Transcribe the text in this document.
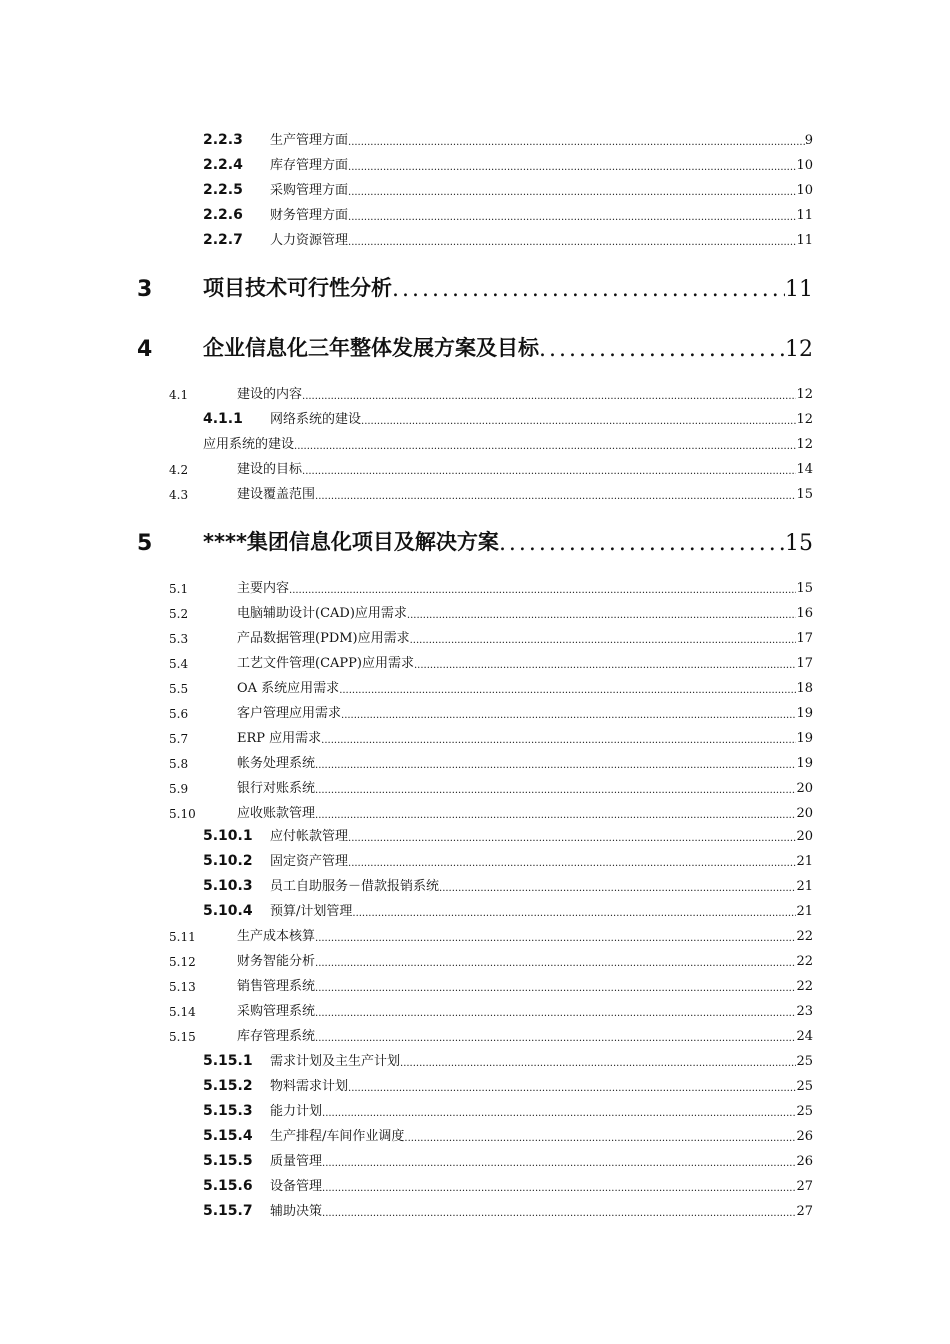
2.2.3	生产管理方面 .....	9
2.2.4	库存管理方面 .....	10
2.2.5	采购管理方面 .....	10
2.2.6	财务管理方面 .....	11
2.2.7	人力资源管理 .....	11
3	项目技术可行性分析 .....	11
4	企业信息化三年整体发展方案及目标 .....	12
4.1	建设的内容 .....	12
4.1.1	网络系统的建设 .....	12
应用系统的建设 .....	12
4.2	建设的目标 .....	14
4.3	建设覆盖范围 .....	15
5	****集团信息化项目及解决方案 .....	15
5.1	主要内容 .....	15
5.2	电脑辅助设计(CAD)应用需求 .....	16
5.3	产品数据管理(PDM)应用需求 .....	17
5.4	工艺文件管理(CAPP)应用需求 .....	17
5.5	OA 系统应用需求 .....	18
5.6	客户管理应用需求 .....	19
5.7	ERP 应用需求 .....	19
5.8	帐务处理系统 .....	19
5.9	银行对账系统 .....	20
5.10	应收账款管理 .....	20
5.10.1	应付帐款管理 .....	20
5.10.2	固定资产管理 .....	21
5.10.3	员工自助服务－借款报销系统 .....	21
5.10.4	预算/计划管理 .....	21
5.11	生产成本核算 .....	22
5.12	财务智能分析 .....	22
5.13	销售管理系统 .....	22
5.14	采购管理系统 .....	23
5.15	库存管理系统 .....	24
5.15.1	需求计划及主生产计划 .....	25
5.15.2	物料需求计划 .....	25
5.15.3	能力计划 .....	25
5.15.4	生产排程/车间作业调度 .....	26
5.15.5	质量管理 .....	26
5.15.6	设备管理 .....	27
5.15.7	辅助决策 .....	27
